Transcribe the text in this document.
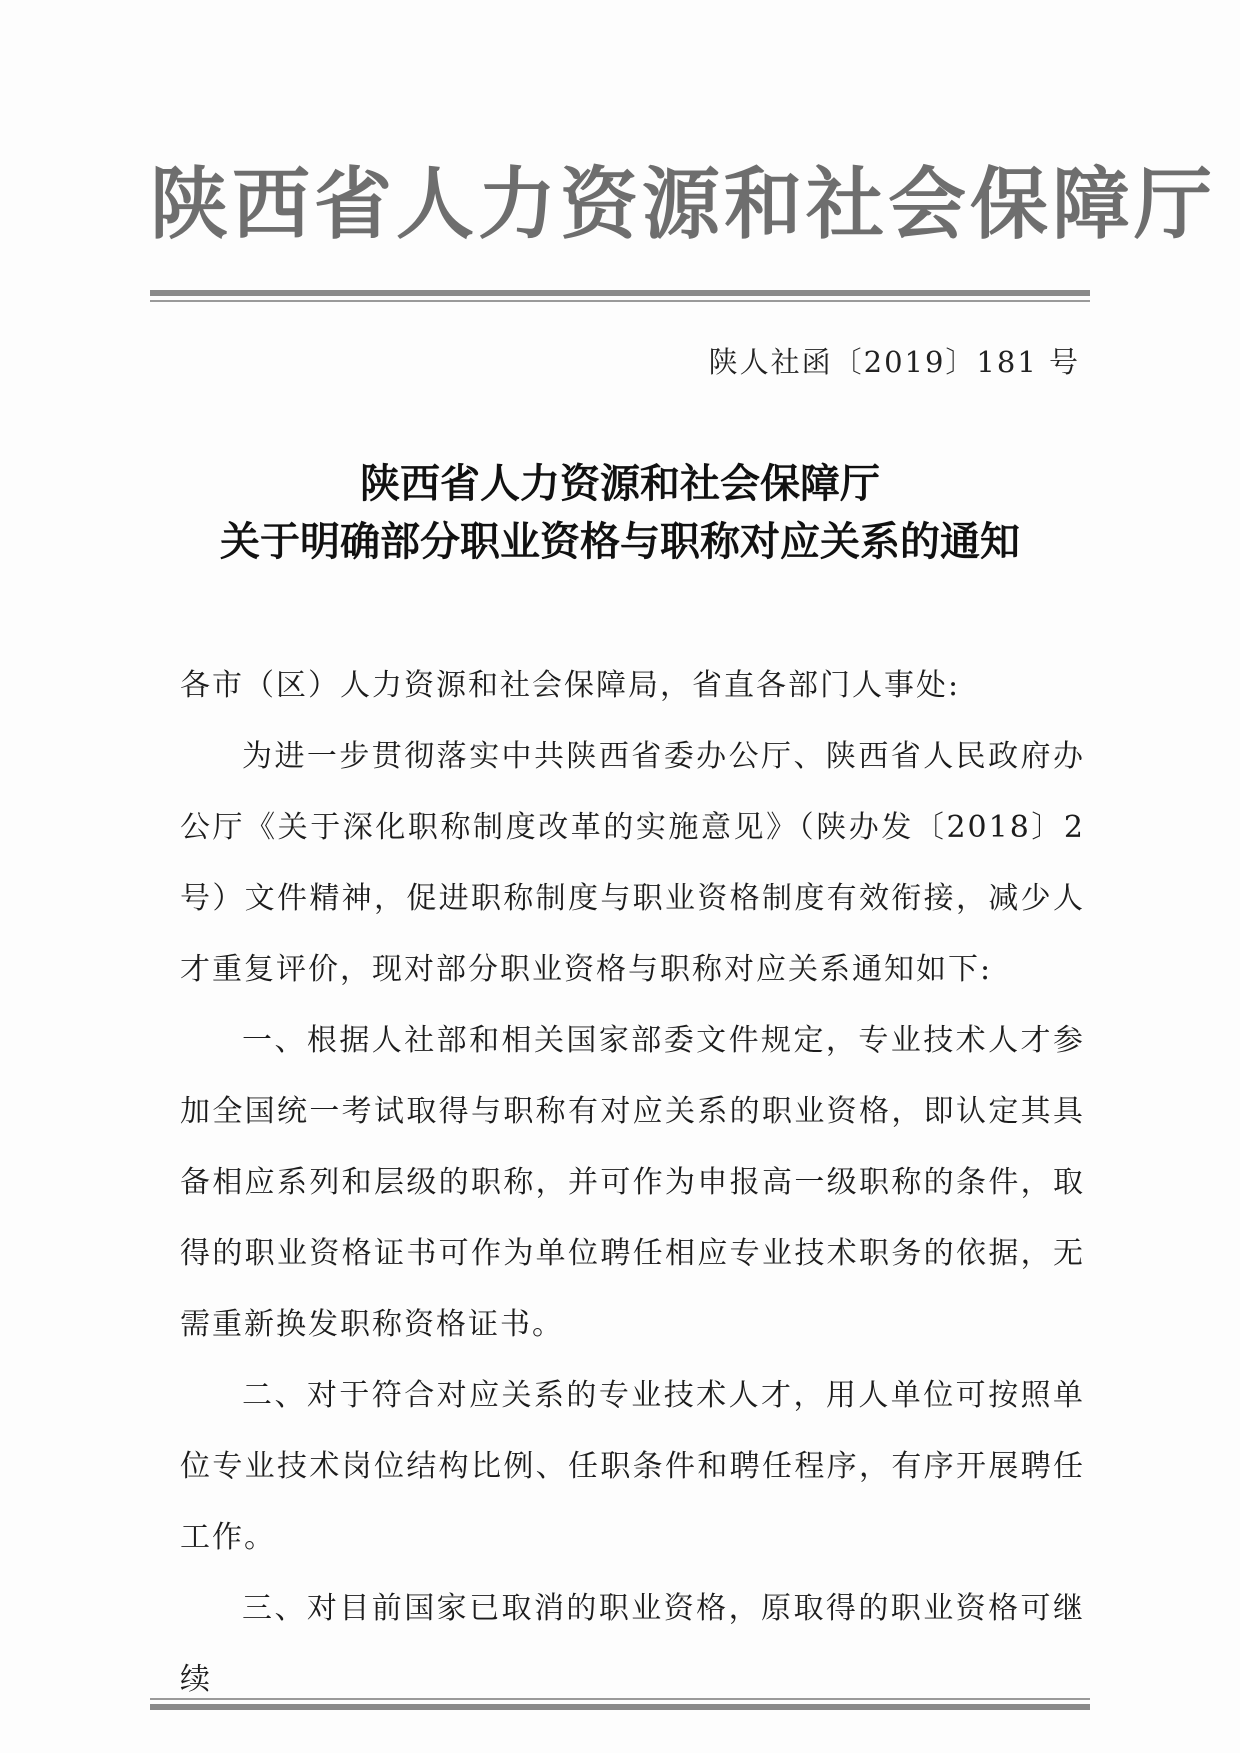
陕西省人力资源和社会保障厅
陕人社函〔2019〕181 号
陕西省人力资源和社会保障厅
关于明确部分职业资格与职称对应关系的通知

各市（区）人力资源和社会保障局，省直各部门人事处:

为进一步贯彻落实中共陕西省委办公厅、陕西省人民政府办公厅《关于深化职称制度改革的实施意见》（陕办发〔2018〕2号）文件精神，促进职称制度与职业资格制度有效衔接，减少人才重复评价，现对部分职业资格与职称对应关系通知如下:

一、根据人社部和相关国家部委文件规定，专业技术人才参加全国统一考试取得与职称有对应关系的职业资格，即认定其具备相应系列和层级的职称，并可作为申报高一级职称的条件，取得的职业资格证书可作为单位聘任相应专业技术职务的依据，无需重新换发职称资格证书。

二、对于符合对应关系的专业技术人才，用人单位可按照单位专业技术岗位结构比例、任职条件和聘任程序，有序开展聘任工作。

三、对目前国家已取消的职业资格，原取得的职业资格可继续
